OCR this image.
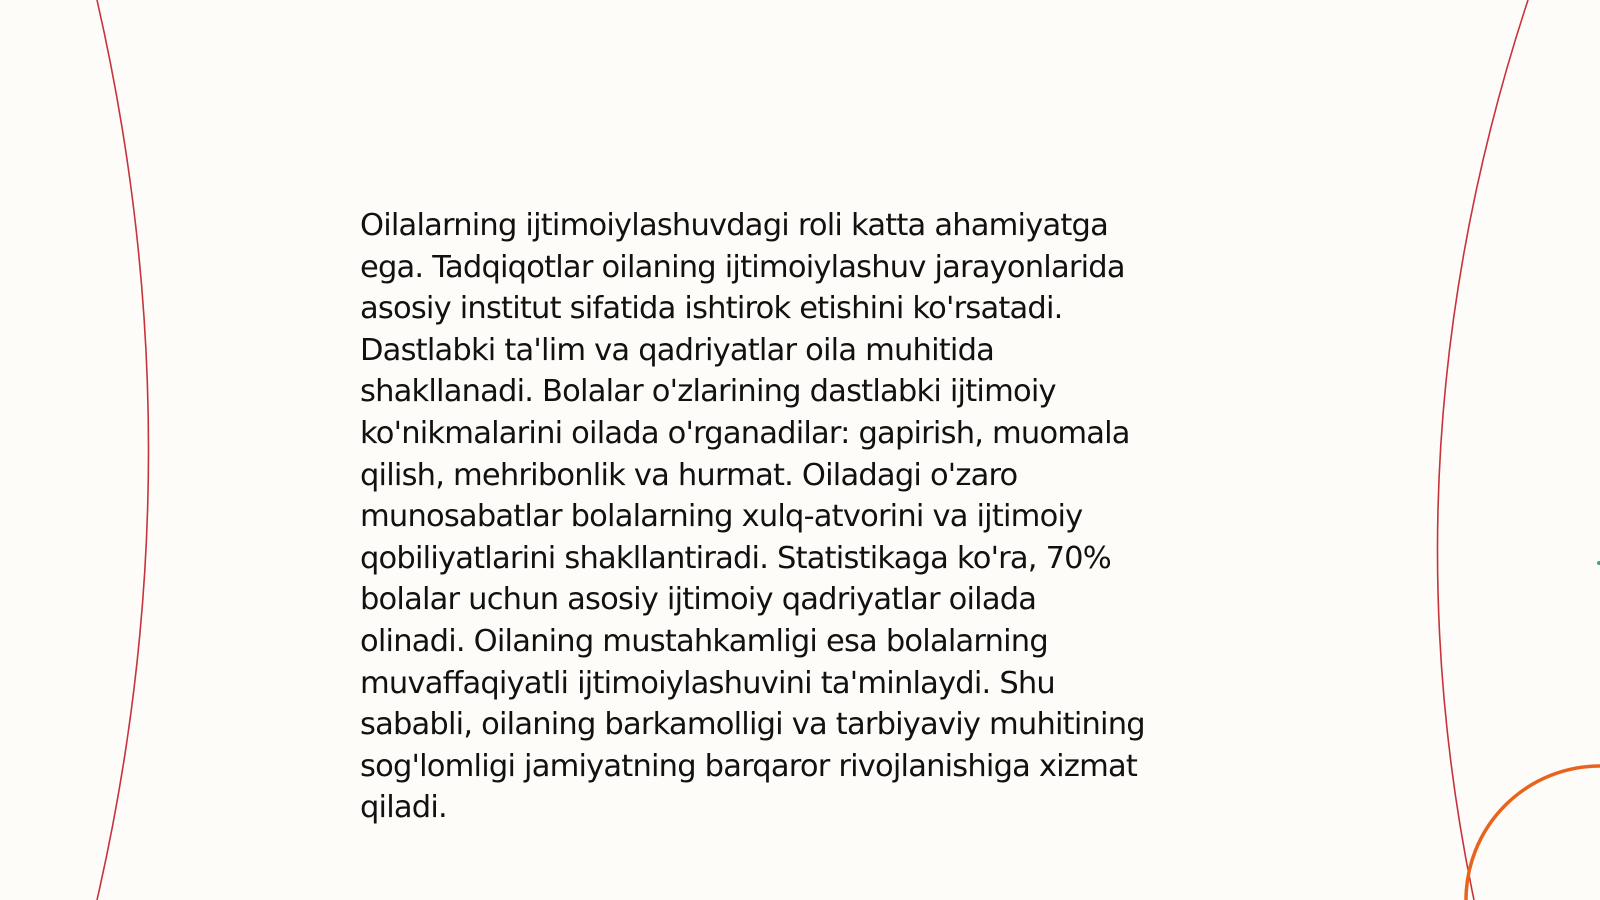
Oilalarning ijtimoiylashuvdagi roli katta ahamiyatga
ega. Tadqiqotlar oilaning ijtimoiylashuv jarayonlarida
asosiy institut sifatida ishtirok etishini ko'rsatadi.
Dastlabki ta'lim va qadriyatlar oila muhitida
shakllanadi. Bolalar o'zlarining dastlabki ijtimoiy
ko'nikmalarini oilada o'rganadilar: gapirish, muomala
qilish, mehribonlik va hurmat. Oiladagi o'zaro
munosabatlar bolalarning xulq-atvorini va ijtimoiy
qobiliyatlarini shakllantiradi. Statistikaga ko'ra, 70%
bolalar uchun asosiy ijtimoiy qadriyatlar oilada
olinadi. Oilaning mustahkamligi esa bolalarning
muvaffaqiyatli ijtimoiylashuvini ta'minlaydi. Shu
sababli, oilaning barkamolligi va tarbiyaviy muhitining
sog'lomligi jamiyatning barqaror rivojlanishiga xizmat
qiladi.
